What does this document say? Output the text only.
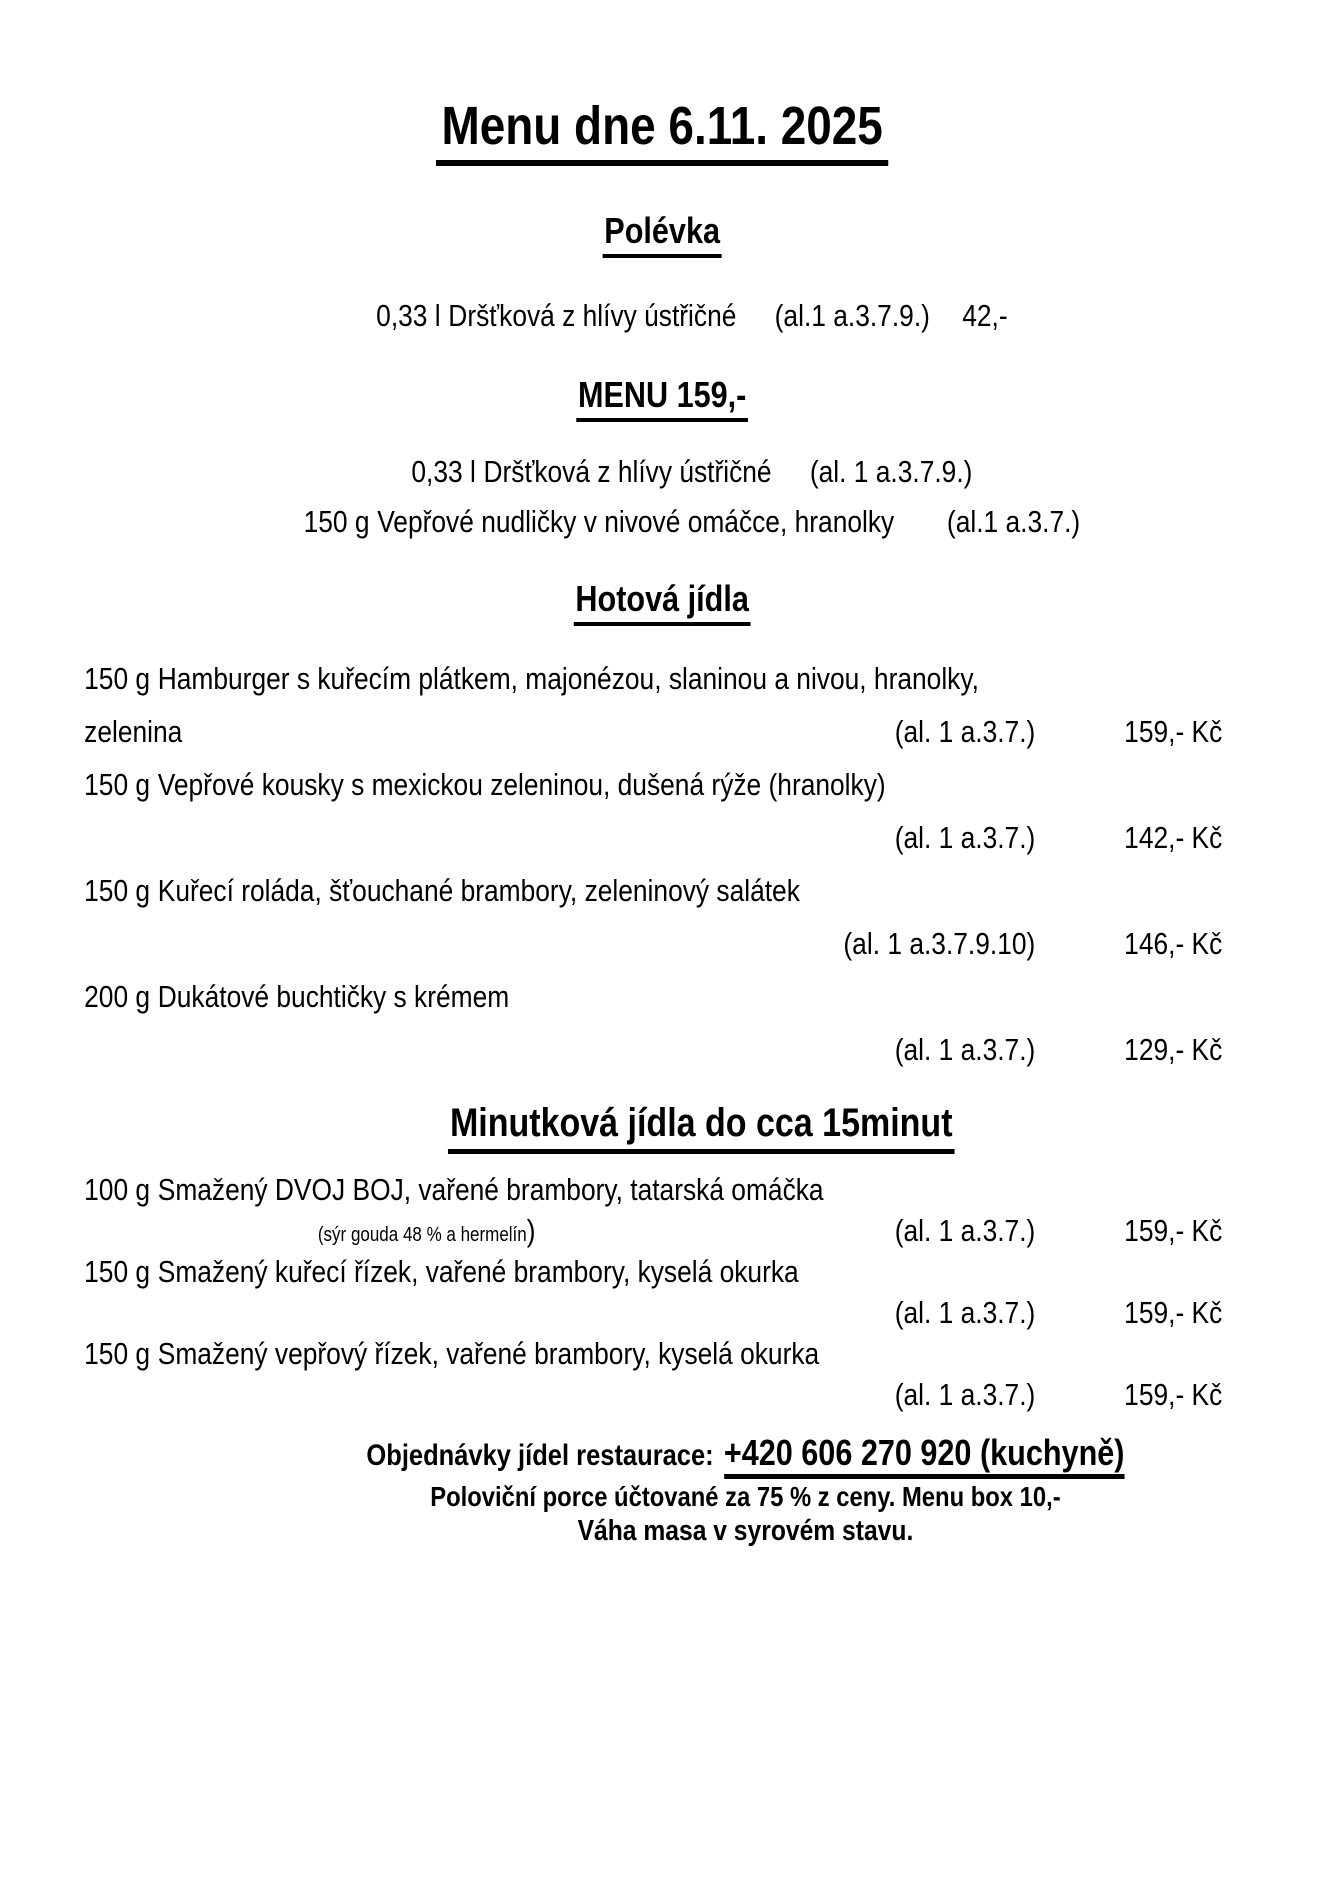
Menu dne 6.11. 2025
Polévka
0,33 l Dršťková z hlívy ústřičné (al.1 a.3.7.9.) 42,-
MENU 159,-
0,33 l Dršťková z hlívy ústřičné (al. 1 a.3.7.9.)
150 g Vepřové nudličky v nivové omáčce, hranolky (al.1 a.3.7.)
Hotová jídla
150 g Hamburger s kuřecím plátkem, majonézou, slaninou a nivou, hranolky,
zelenina	(al. 1 a.3.7.)	159,- Kč
150 g Vepřové kousky s mexickou zeleninou, dušená rýže (hranolky)
(al. 1 a.3.7.)	142,- Kč
150 g Kuřecí roláda, šťouchané brambory, zeleninový salátek
(al. 1 a.3.7.9.10)	146,- Kč
200 g Dukátové buchtičky s krémem
(al. 1 a.3.7.)	129,- Kč
Minutková jídla do cca 15minut
100 g Smažený DVOJ BOJ, vařené brambory, tatarská omáčka
(sýr gouda 48 % a hermelín)	(al. 1 a.3.7.)	159,- Kč
150 g Smažený kuřecí řízek, vařené brambory, kyselá okurka
(al. 1 a.3.7.)	159,- Kč
150 g Smažený vepřový řízek, vařené brambory, kyselá okurka
(al. 1 a.3.7.)	159,- Kč
Objednávky jídel restaurace: +420 606 270 920 (kuchyně)
Poloviční porce účtované za 75 % z ceny. Menu box 10,-
Váha masa v syrovém stavu.
